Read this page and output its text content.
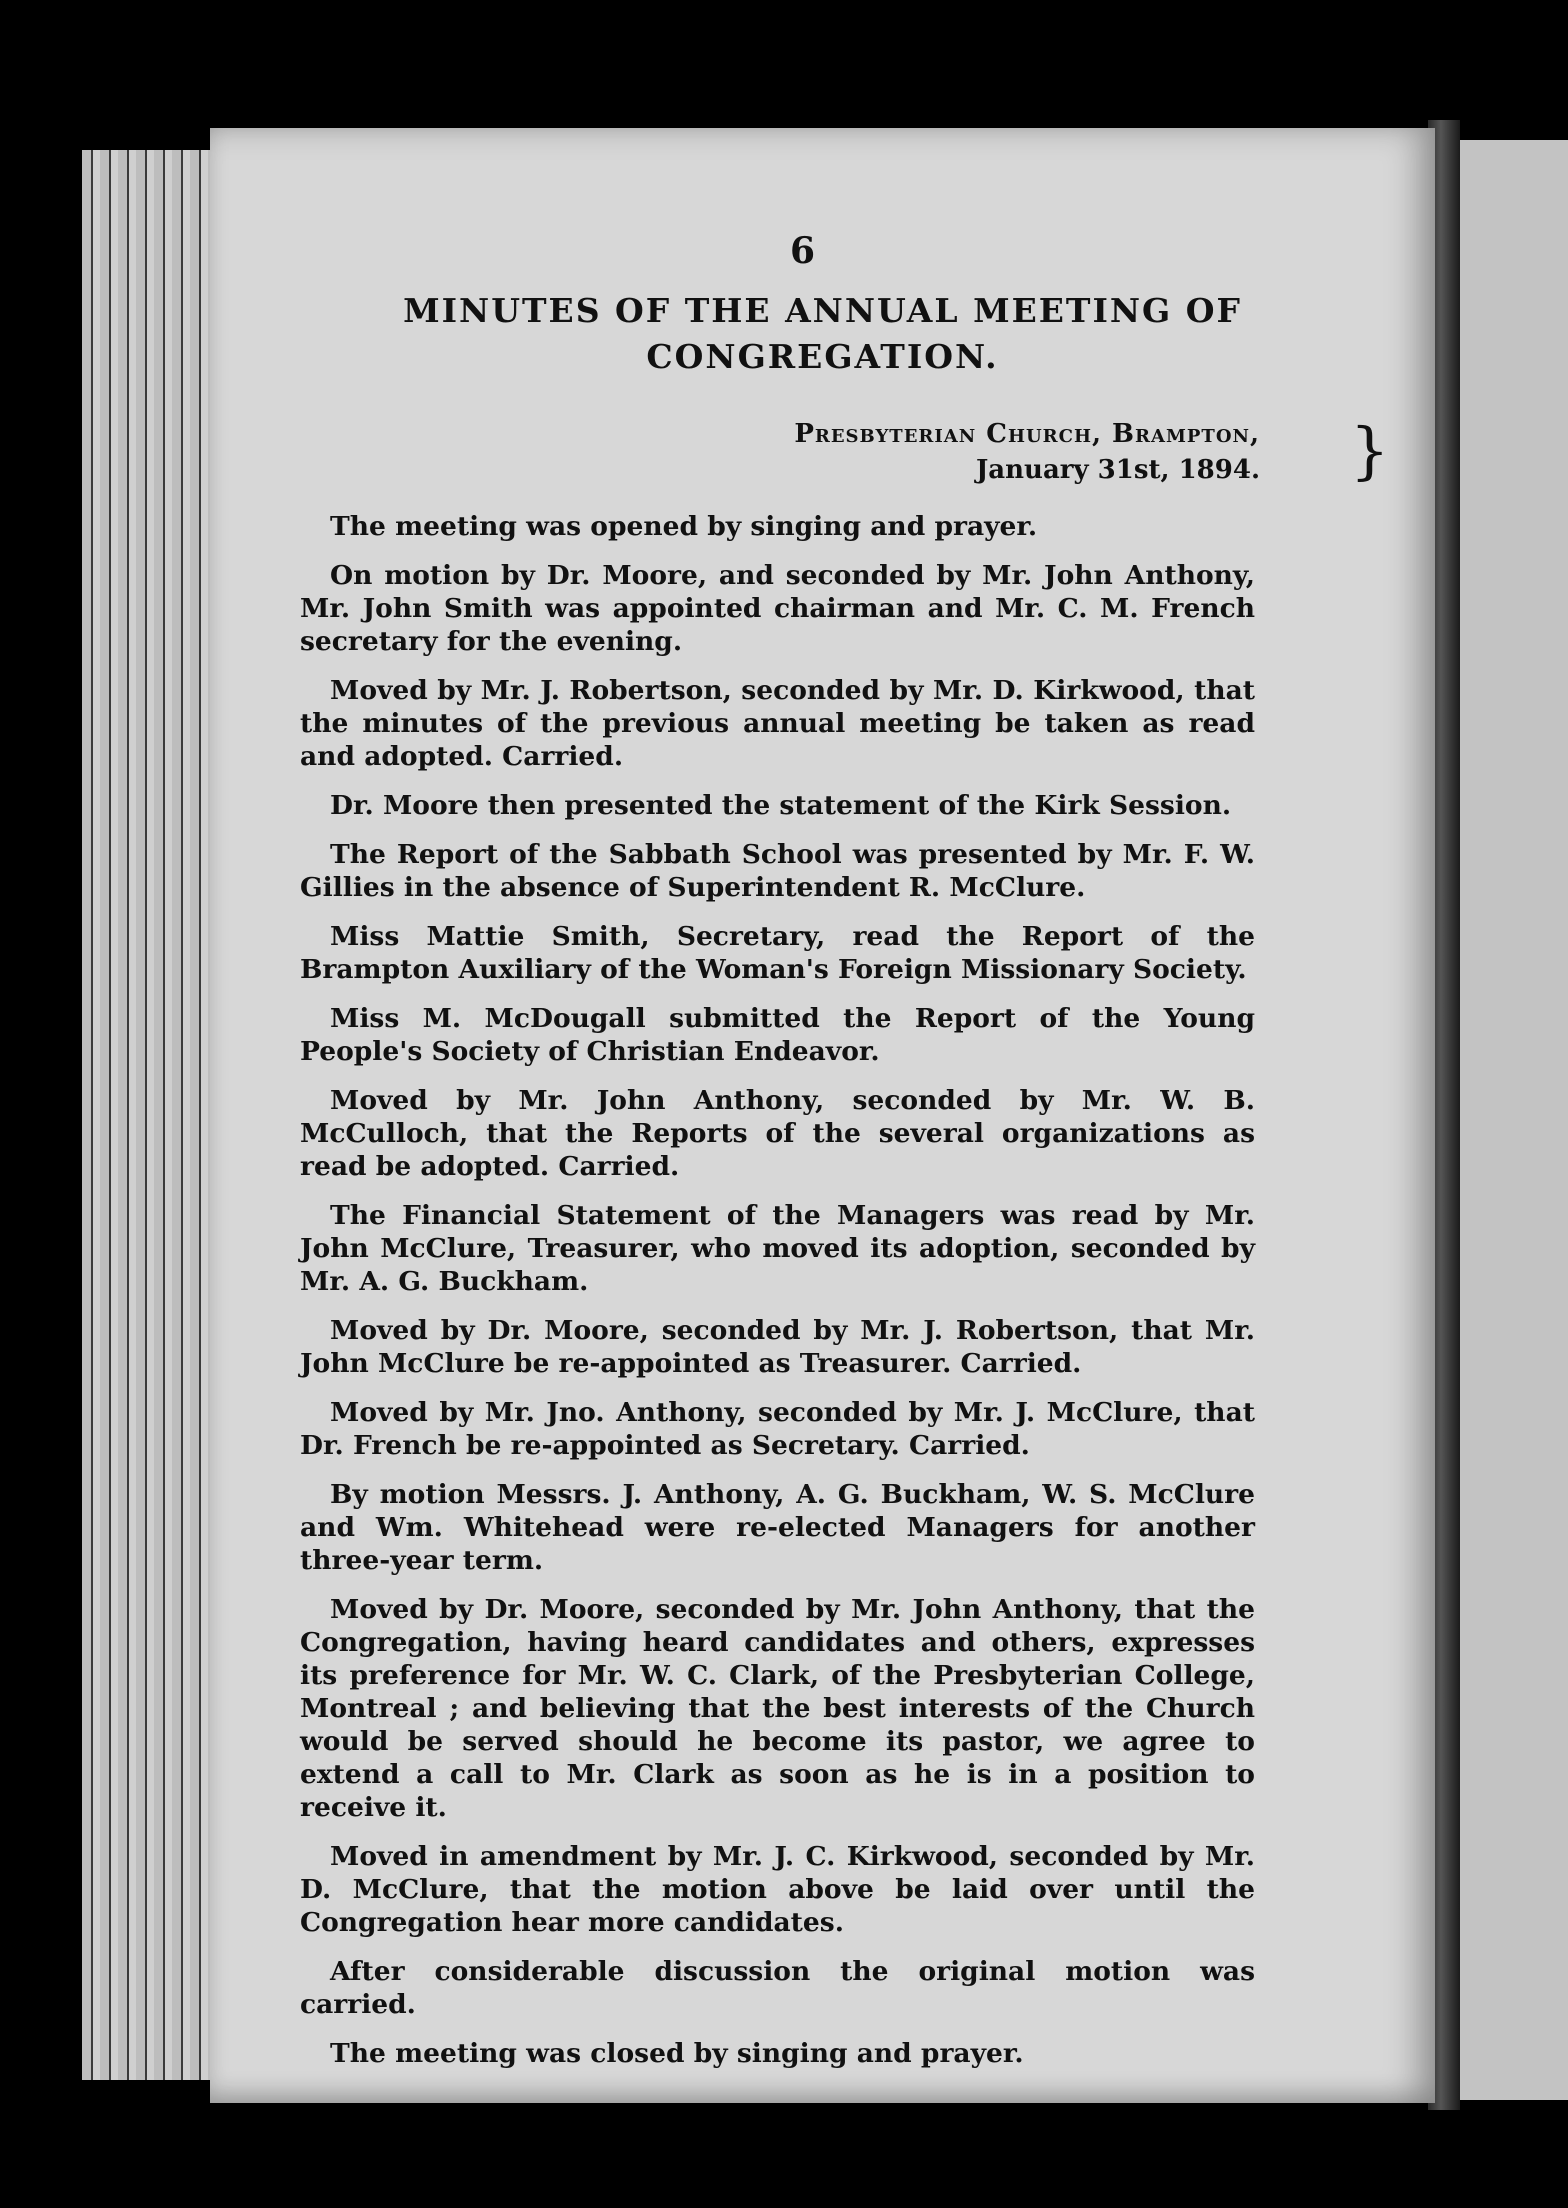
6
MINUTES OF THE ANNUAL MEETING OF
CONGREGATION.
Presbyterian Church, Brampton,
January 31st, 1894. }

The meeting was opened by singing and prayer.

On motion by Dr. Moore, and seconded by Mr. John Anthony, Mr. John Smith was appointed chairman and Mr. C. M. French secretary for the evening.

Moved by Mr. J. Robertson, seconded by Mr. D. Kirkwood, that the minutes of the previous annual meeting be taken as read and adopted. Carried.

Dr. Moore then presented the statement of the Kirk Session.

The Report of the Sabbath School was presented by Mr. F. W. Gillies in the absence of Superintendent R. McClure.

Miss Mattie Smith, Secretary, read the Report of the Brampton Auxiliary of the Woman's Foreign Missionary Society.

Miss M. McDougall submitted the Report of the Young People's Society of Christian Endeavor.

Moved by Mr. John Anthony, seconded by Mr. W. B. McCulloch, that the Reports of the several organizations as read be adopted. Carried.

The Financial Statement of the Managers was read by Mr. John McClure, Treasurer, who moved its adoption, seconded by Mr. A. G. Buckham.

Moved by Dr. Moore, seconded by Mr. J. Robertson, that Mr. John McClure be re-appointed as Treasurer. Carried.

Moved by Mr. Jno. Anthony, seconded by Mr. J. McClure, that Dr. French be re-appointed as Secretary. Carried.

By motion Messrs. J. Anthony, A. G. Buckham, W. S. McClure and Wm. Whitehead were re-elected Managers for another three-year term.

Moved by Dr. Moore, seconded by Mr. John Anthony, that the Congregation, having heard candidates and others, expresses its preference for Mr. W. C. Clark, of the Presbyterian College, Montreal ; and believing that the best interests of the Church would be served should he become its pastor, we agree to extend a call to Mr. Clark as soon as he is in a position to receive it.

Moved in amendment by Mr. J. C. Kirkwood, seconded by Mr. D. McClure, that the motion above be laid over until the Congregation hear more candidates.

After considerable discussion the original motion was carried.

The meeting was closed by singing and prayer.
